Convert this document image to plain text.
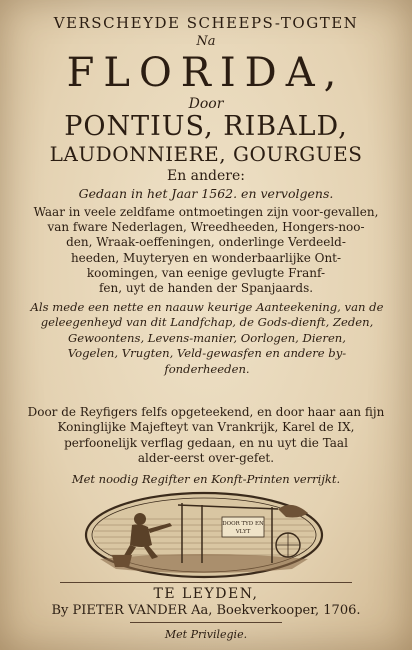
VERSCHEYDE SCHEEPS-TOGTEN
Na
FLORIDA,
Door
PONTIUS, RIBALD,
LAUDONNIERE, GOURGUES
En andere:
Gedaan in het Jaar 1562. en vervolgens.
Waar in veele zeldfame ontmoetingen zijn voor-gevallen,
van fware Nederlagen, Wreedheeden, Hongers-noo-
den, Wraak-oeffeningen, onderlinge Verdeeld-
heeden, Muyteryen en wonderbaarlijke Ont-
koomingen, van eenige gevlugte Franf-
fen, uyt de handen der Spanjaards.
Als mede een nette en naauw keurige Aanteekening, van de
geleegenheyd van dit Landfchap, de Gods-dienft, Zeden,
Gewoontens, Levens-manier, Oorlogen, Dieren,
Vogelen, Vrugten, Veld-gewasfen en andere by-
fonderheeden.
Door de Reyfigers felfs opgeteekend, en door haar aan fijn
Koninglijke Majefteyt van Vrankrijk, Karel de IX,
perfoonelijk verflag gedaan, en nu uyt die Taal
alder-eerst over-gefet.
Met noodig Regifter en Konft-Printen verrijkt.
DOOR TYD EN
VLYT
TE LEYDEN,
By PIETER VANDER Aa, Boekverkooper, 1706.
Met Privilegie.
